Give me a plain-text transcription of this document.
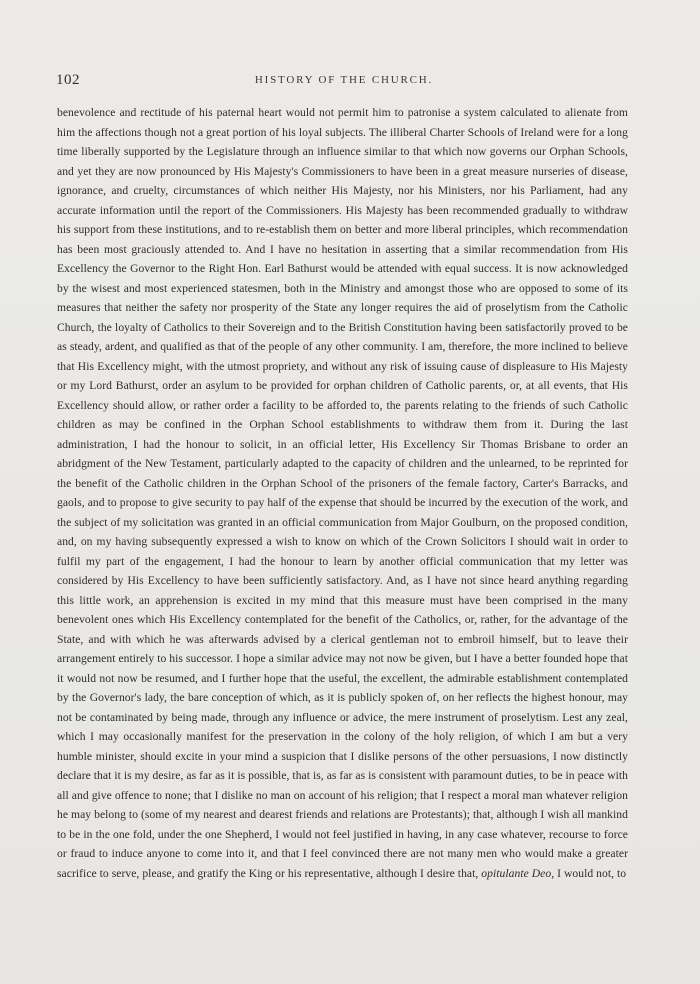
102	HISTORY OF THE CHURCH.

benevolence and rectitude of his paternal heart would not permit him to patronise a system calculated to alienate from him the affections though not a great portion of his loyal subjects. The illiberal Charter Schools of Ireland were for a long time liberally supported by the Legislature through an influence similar to that which now governs our Orphan Schools, and yet they are now pronounced by His Majesty's Commissioners to have been in a great measure nurseries of disease, ignorance, and cruelty, circumstances of which neither His Majesty, nor his Ministers, nor his Parliament, had any accurate information until the report of the Commissioners. His Majesty has been recommended gradually to withdraw his support from these institutions, and to re-establish them on better and more liberal principles, which recommendation has been most graciously attended to. And I have no hesitation in asserting that a similar recommendation from His Excellency the Governor to the Right Hon. Earl Bathurst would be attended with equal success. It is now acknowledged by the wisest and most experienced statesmen, both in the Ministry and amongst those who are opposed to some of its measures that neither the safety nor prosperity of the State any longer requires the aid of proselytism from the Catholic Church, the loyalty of Catholics to their Sovereign and to the British Constitution having been satisfactorily proved to be as steady, ardent, and qualified as that of the people of any other community. I am, therefore, the more inclined to believe that His Excellency might, with the utmost propriety, and without any risk of issuing cause of displeasure to His Majesty or my Lord Bathurst, order an asylum to be provided for orphan children of Catholic parents, or, at all events, that His Excellency should allow, or rather order a facility to be afforded to, the parents relating to the friends of such Catholic children as may be confined in the Orphan School establishments to withdraw them from it. During the last administration, I had the honour to solicit, in an official letter, His Excellency Sir Thomas Brisbane to order an abridgment of the New Testament, particularly adapted to the capacity of children and the unlearned, to be reprinted for the benefit of the Catholic children in the Orphan School of the prisoners of the female factory, Carter's Barracks, and gaols, and to propose to give security to pay half of the expense that should be incurred by the execution of the work, and the subject of my solicitation was granted in an official communication from Major Goulburn, on the proposed condition, and, on my having subsequently expressed a wish to know on which of the Crown Solicitors I should wait in order to fulfil my part of the engagement, I had the honour to learn by another official communication that my letter was considered by His Excellency to have been sufficiently satisfactory. And, as I have not since heard anything regarding this little work, an apprehension is excited in my mind that this measure must have been comprised in the many benevolent ones which His Excellency contemplated for the benefit of the Catholics, or, rather, for the advantage of the State, and with which he was afterwards advised by a clerical gentleman not to embroil himself, but to leave their arrangement entirely to his successor. I hope a similar advice may not now be given, but I have a better founded hope that it would not now be resumed, and I further hope that the useful, the excellent, the admirable establishment contemplated by the Governor's lady, the bare conception of which, as it is publicly spoken of, on her reflects the highest honour, may not be contaminated by being made, through any influence or advice, the mere instrument of proselytism. Lest any zeal, which I may occasionally manifest for the preservation in the colony of the holy religion, of which I am but a very humble minister, should excite in your mind a suspicion that I dislike persons of the other persuasions, I now distinctly declare that it is my desire, as far as it is possible, that is, as far as is consistent with paramount duties, to be in peace with all and give offence to none; that I dislike no man on account of his religion; that I respect a moral man whatever religion he may belong to (some of my nearest and dearest friends and relations are Protestants); that, although I wish all mankind to be in the one fold, under the one Shepherd, I would not feel justified in having, in any case whatever, recourse to force or fraud to induce anyone to come into it, and that I feel convinced there are not many men who would make a greater sacrifice to serve, please, and gratify the King or his representative, although I desire that, opitulante Deo, I would not, to
